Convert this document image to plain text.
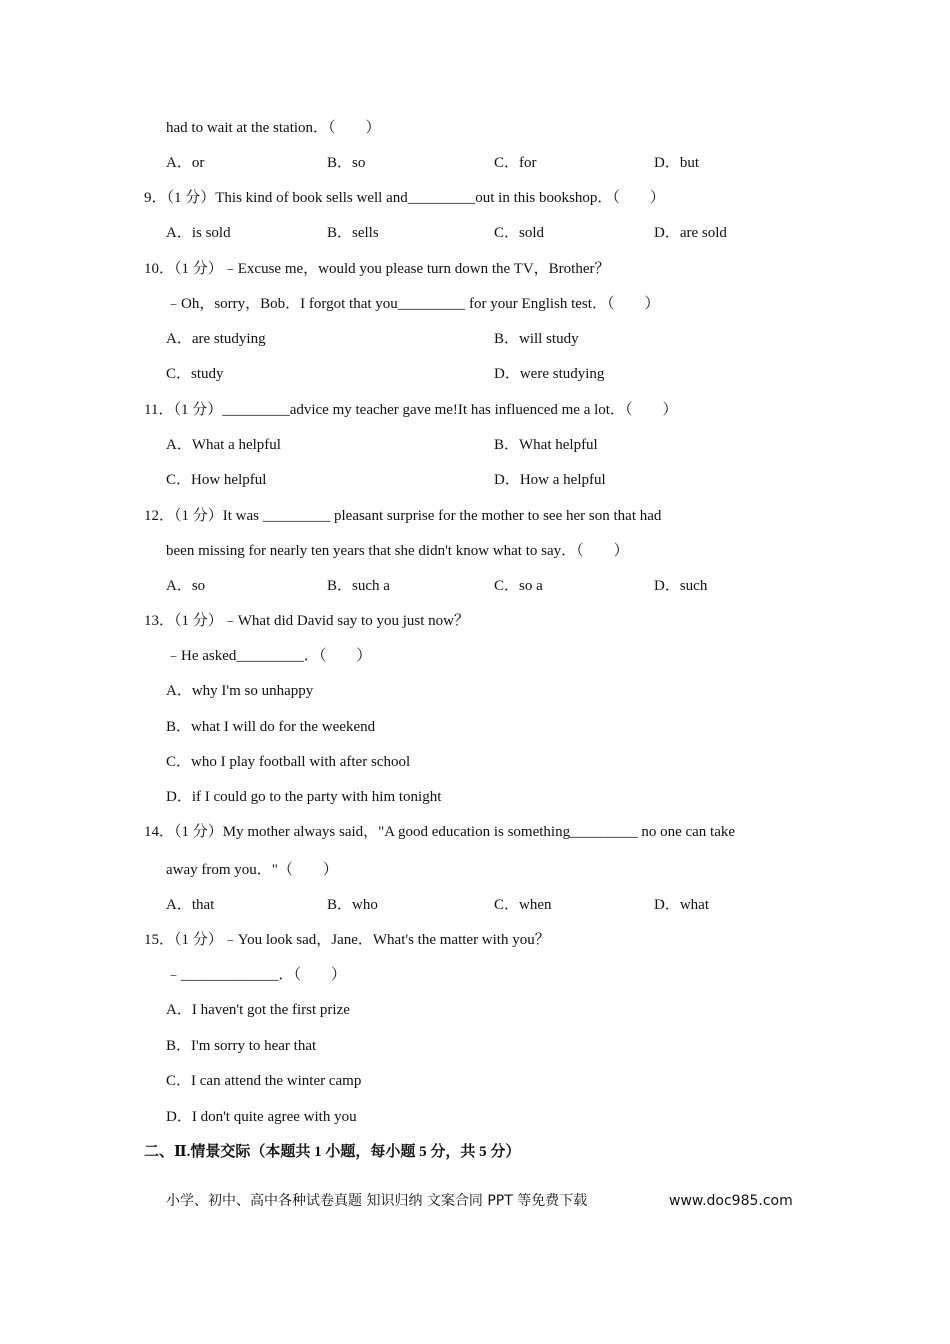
had to wait at the station．（　　）
A．or	B．so	C．for	D．but
9．（1 分）This kind of book sells well and_________out in this bookshop．（　　）
A．is sold	B．sells	C．sold	D．are sold
10．（1 分）﹣Excuse me，would you please turn down the TV，Brother？
﹣Oh，sorry，Bob．I forgot that you_________ for your English test．（　　）
A．are studying	B．will study
C．study	D．were studying
11．（1 分）_________advice my teacher gave me!It has influenced me a lot．（　　）
A．What a helpful	B．What helpful
C．How helpful	D．How a helpful
12．（1 分）It was _________ pleasant surprise for the mother to see her son that had
been missing for nearly ten years that she didn't know what to say．（　　）
A．so	B．such a	C．so a	D．such
13．（1 分）﹣What did David say to you just now？
﹣He asked_________．（　　）
A．why I'm so unhappy
B．what I will do for the weekend
C．who I play football with after school
D．if I could go to the party with him tonight
14．（1 分）My mother always said，"A good education is something_________ no one can take
away from you．"（　　）
A．that	B．who	C．when	D．what
15．（1 分）﹣You look sad，Jane．What's the matter with you？
﹣_____________．（　　）
A．I haven't got the first prize
B．I'm sorry to hear that
C．I can attend the winter camp
D．I don't quite agree with you
二、Ⅱ.情景交际（本题共 1 小题，每小题 5 分，共 5 分）
小学、初中、高中各种试卷真题 知识归纳 文案合同 PPT 等免费下载	www.doc985.com
